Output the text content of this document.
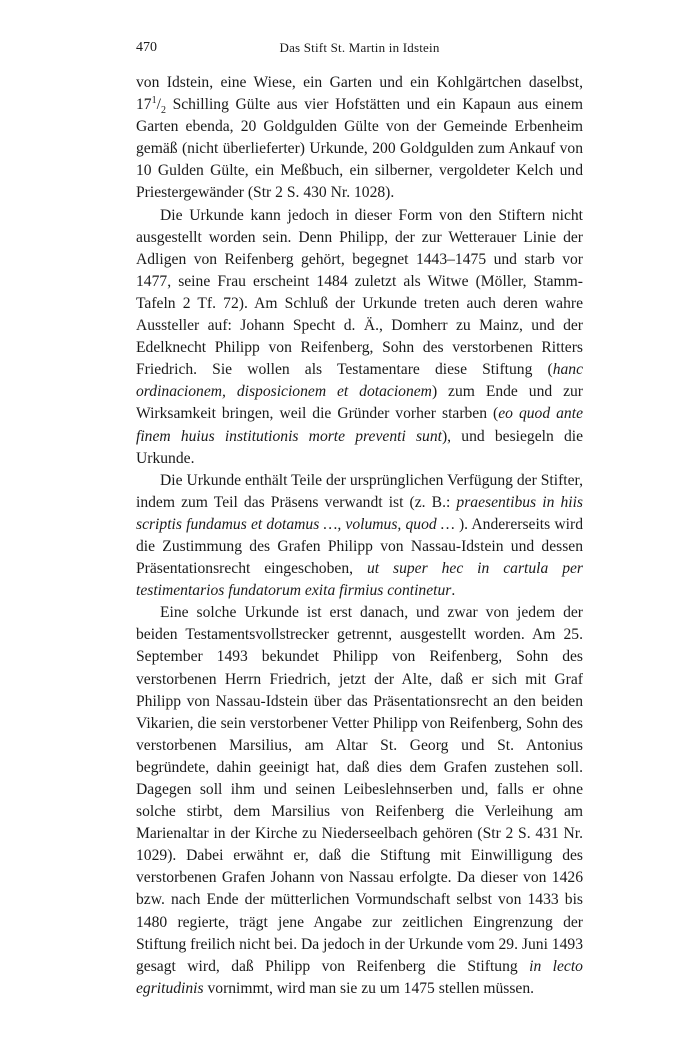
470	Das Stift St. Martin in Idstein

von Idstein, eine Wiese, ein Garten und ein Kohlgärtchen daselbst, $17^1/_2$ Schilling Gülte aus vier Hofstätten und ein Kapaun aus einem Garten ebenda, 20 Goldgulden Gülte von der Gemeinde Erbenheim gemäß (nicht überlieferter) Urkunde, 200 Goldgulden zum Ankauf von 10 Gulden Gülte, ein Meßbuch, ein silberner, vergoldeter Kelch und Priestergewänder (Str 2 S. 430 Nr. 1028).

Die Urkunde kann jedoch in dieser Form von den Stiftern nicht ausgestellt worden sein. Denn Philipp, der zur Wetterauer Linie der Adligen von Reifenberg gehört, begegnet 1443–1475 und starb vor 1477, seine Frau erscheint 1484 zuletzt als Witwe (Möller, Stamm-Tafeln 2 Tf. 72). Am Schluß der Urkunde treten auch deren wahre Aussteller auf: Johann Specht d. Ä., Domherr zu Mainz, und der Edelknecht Philipp von Reifenberg, Sohn des verstorbenen Ritters Friedrich. Sie wollen als Testamentare diese Stiftung (hanc ordinacionem, disposicionem et dotacionem) zum Ende und zur Wirksamkeit bringen, weil die Gründer vorher starben (eo quod ante finem huius institutionis morte preventi sunt), und besiegeln die Urkunde.

Die Urkunde enthält Teile der ursprünglichen Verfügung der Stifter, indem zum Teil das Präsens verwandt ist (z. B.: praesentibus in hiis scriptis fundamus et dotamus …, volumus, quod … ). Andererseits wird die Zustimmung des Grafen Philipp von Nassau-Idstein und dessen Präsentationsrecht eingeschoben, ut super hec in cartula per testimentarios fundatorum exita firmius continetur.

Eine solche Urkunde ist erst danach, und zwar von jedem der beiden Testamentsvollstrecker getrennt, ausgestellt worden. Am 25. September 1493 bekundet Philipp von Reifenberg, Sohn des verstorbenen Herrn Friedrich, jetzt der Alte, daß er sich mit Graf Philipp von Nassau-Idstein über das Präsentationsrecht an den beiden Vikarien, die sein verstorbener Vetter Philipp von Reifenberg, Sohn des verstorbenen Marsilius, am Altar St. Georg und St. Antonius begründete, dahin geeinigt hat, daß dies dem Grafen zustehen soll. Dagegen soll ihm und seinen Leibeslehnserben und, falls er ohne solche stirbt, dem Marsilius von Reifenberg die Verleihung am Marienaltar in der Kirche zu Niederseelbach gehören (Str 2 S. 431 Nr. 1029). Dabei erwähnt er, daß die Stiftung mit Einwilligung des verstorbenen Grafen Johann von Nassau erfolgte. Da dieser von 1426 bzw. nach Ende der mütterlichen Vormundschaft selbst von 1433 bis 1480 regierte, trägt jene Angabe zur zeitlichen Eingrenzung der Stiftung freilich nicht bei. Da jedoch in der Urkunde vom 29. Juni 1493 gesagt wird, daß Philipp von Reifenberg die Stiftung in lecto egritudinis vornimmt, wird man sie zu um 1475 stellen müssen.
